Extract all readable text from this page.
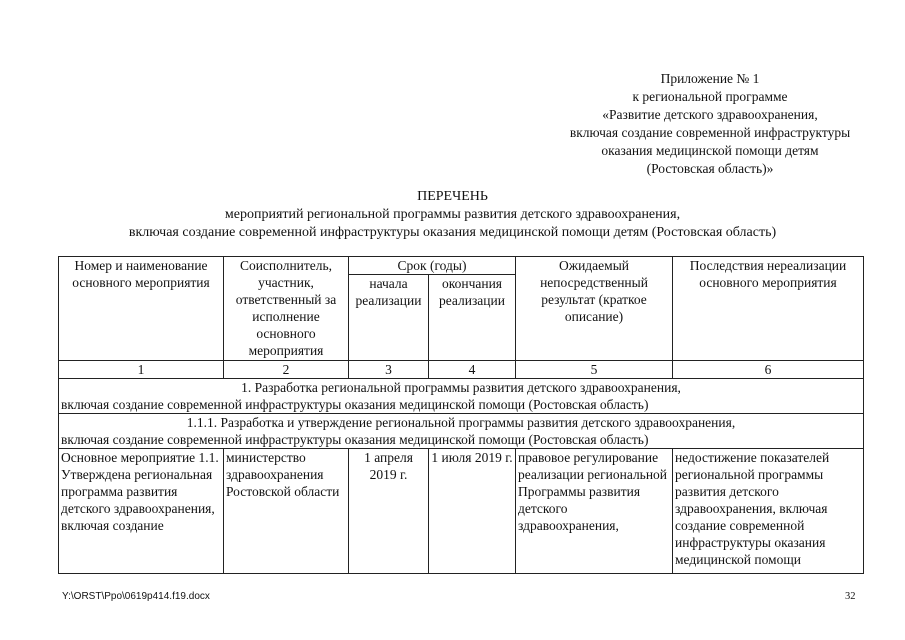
Приложение № 1
к региональной программе
«Развитие детского здравоохранения,
включая создание современной инфраструктуры
оказания медицинской помощи детям
(Ростовская область)»
ПЕРЕЧЕНЬ
мероприятий региональной программы развития детского здравоохранения,
включая создание современной инфраструктуры оказания медицинской помощи детям (Ростовская область)
Номер и наименование основного мероприятия	Соисполнитель, участник, ответственный за исполнение основного мероприятия	Срок (годы)		Ожидаемый непосредственный результат (краткое описание)	Последствия нереализации основного мероприятия
		начала реализации	окончания реализации		
1	2	3	4	5	6

1. Разработка региональной программы развития детского здравоохранения,
включая создание современной инфраструктуры оказания медицинской помощи (Ростовская область)					

1.1.1. Разработка и утверждение региональной программы развития детского здравоохранения,
включая создание современной инфраструктуры оказания медицинской помощи (Ростовская область)					

Основное мероприятие 1.1. Утверждена региональная программа развития детского здравоохранения, включая создание	министерство здравоохранения Ростовской области	1 апреля 2019 г.	1 июля 2019 г.	правовое регулирование реализации региональной Программы развития детского здравоохранения,	недостижение показателей региональной программы развития детского здравоохранения, включая создание современной инфраструктуры оказания медицинской помощи
Y:\ORST\Ppo\0619p414.f19.docx	32
